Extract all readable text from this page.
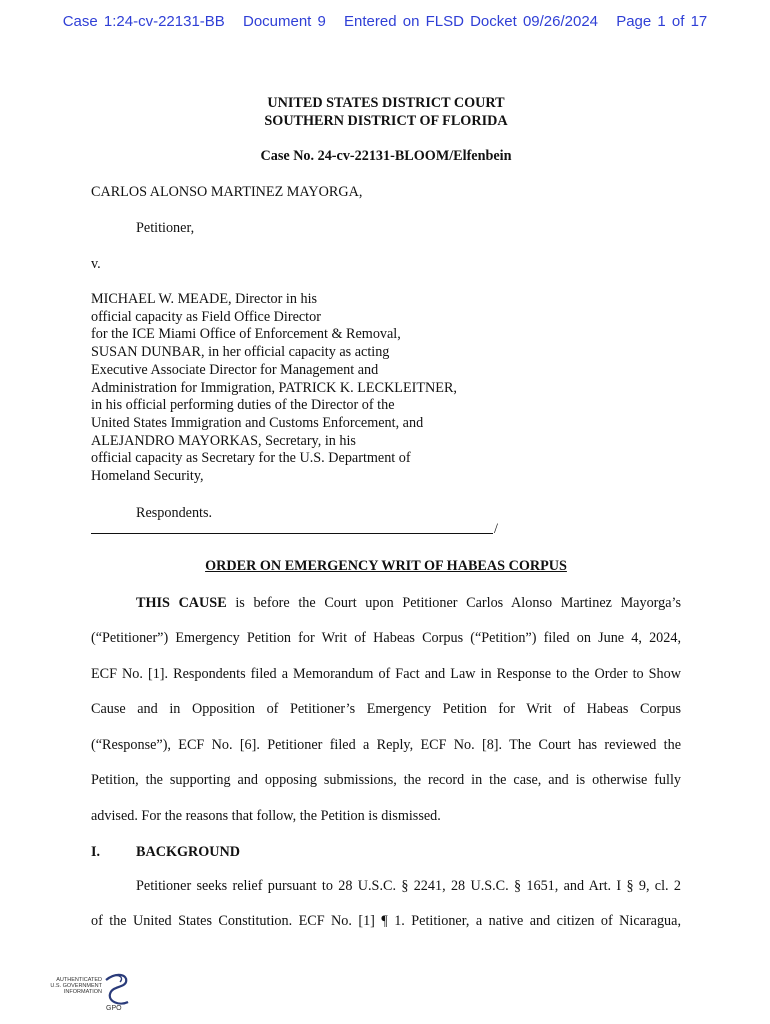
Case 1:24-cv-22131-BB Document 9 Entered on FLSD Docket 09/26/2024 Page 1 of 17
UNITED STATES DISTRICT COURT
SOUTHERN DISTRICT OF FLORIDA
Case No. 24-cv-22131-BLOOM/Elfenbein
CARLOS ALONSO MARTINEZ MAYORGA,
Petitioner,
v.
MICHAEL W. MEADE, Director in his
official capacity as Field Office Director
for the ICE Miami Office of Enforcement & Removal,
SUSAN DUNBAR, in her official capacity as acting
Executive Associate Director for Management and
Administration for Immigration, PATRICK K. LECKLEITNER,
in his official performing duties of the Director of the
United States Immigration and Customs Enforcement, and
ALEJANDRO MAYORKAS, Secretary, in his
official capacity as Secretary for the U.S. Department of
Homeland Security,
Respondents.
/
ORDER ON EMERGENCY WRIT OF HABEAS CORPUS
THIS CAUSE is before the Court upon Petitioner Carlos Alonso Martinez Mayorga’s
(“Petitioner”) Emergency Petition for Writ of Habeas Corpus (“Petition”) filed on June 4, 2024,
ECF No. [1]. Respondents filed a Memorandum of Fact and Law in Response to the Order to Show
Cause and in Opposition of Petitioner’s Emergency Petition for Writ of Habeas Corpus
(“Response”), ECF No. [6]. Petitioner filed a Reply, ECF No. [8]. The Court has reviewed the
Petition, the supporting and opposing submissions, the record in the case, and is otherwise fully
advised. For the reasons that follow, the Petition is dismissed.
I.	BACKGROUND
Petitioner seeks relief pursuant to 28 U.S.C. § 2241, 28 U.S.C. § 1651, and Art. I § 9, cl. 2
of the United States Constitution. ECF No. [1] ¶ 1. Petitioner, a native and citizen of Nicaragua,
AUTHENTICATED
U.S. GOVERNMENT
INFORMATION
GPO
